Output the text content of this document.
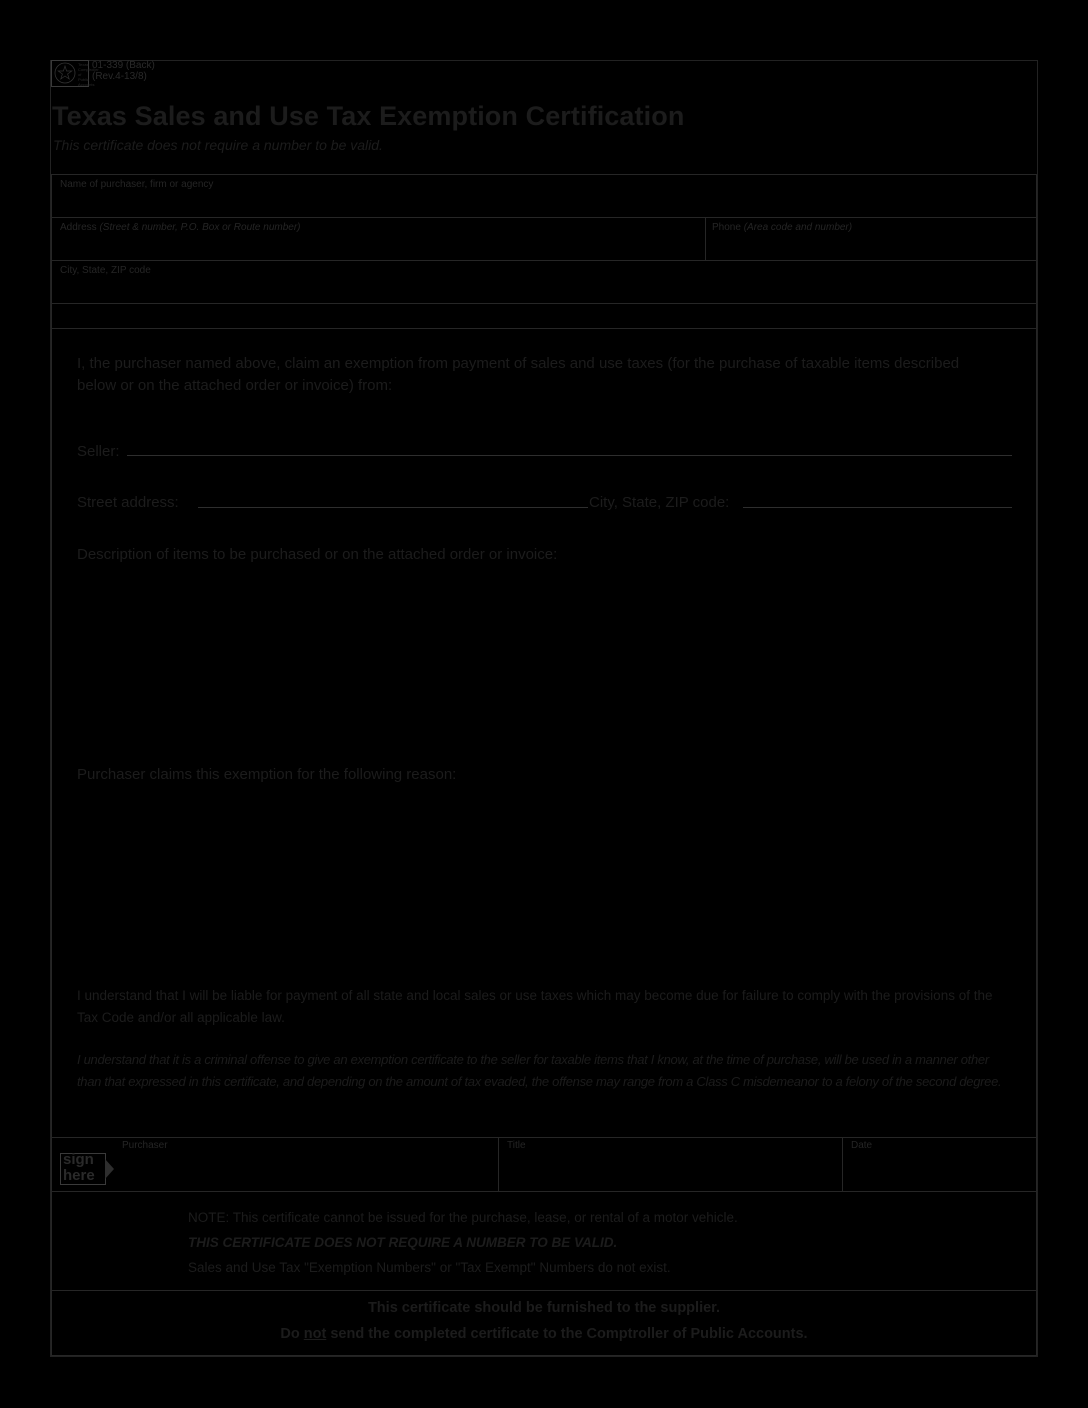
Texas Comptroller of Public Accounts
01-339 (Back)
(Rev.4-13/8)
Texas Sales and Use Tax Exemption Certification
This certificate does not require a number to be valid.
Name of purchaser, firm or agency
Address (Street & number, P.O. Box or Route number)	Phone (Area code and number)
City, State, ZIP code
I, the purchaser named above, claim an exemption from payment of sales and use taxes (for the purchase of taxable items described below or on the attached order or invoice) from:
Seller:
Street address:	City, State, ZIP code:
Description of items to be purchased or on the attached order or invoice:
Purchaser claims this exemption for the following reason:
I understand that I will be liable for payment of all state and local sales or use taxes which may become due for failure to comply with the provisions of the Tax Code and/or all applicable law.
I understand that it is a criminal offense to give an exemption certificate to the seller for taxable items that I know, at the time of purchase, will be used in a manner other than that expressed in this certificate, and depending on the amount of tax evaded, the offense may range from a Class C misdemeanor to a felony of the second degree.
Purchaser	Title	Date
sign
here
NOTE: This certificate cannot be issued for the purchase, lease, or rental of a motor vehicle.
THIS CERTIFICATE DOES NOT REQUIRE A NUMBER TO BE VALID.
Sales and Use Tax "Exemption Numbers" or "Tax Exempt" Numbers do not exist.
This certificate should be furnished to the supplier.
Do not send the completed certificate to the Comptroller of Public Accounts.
